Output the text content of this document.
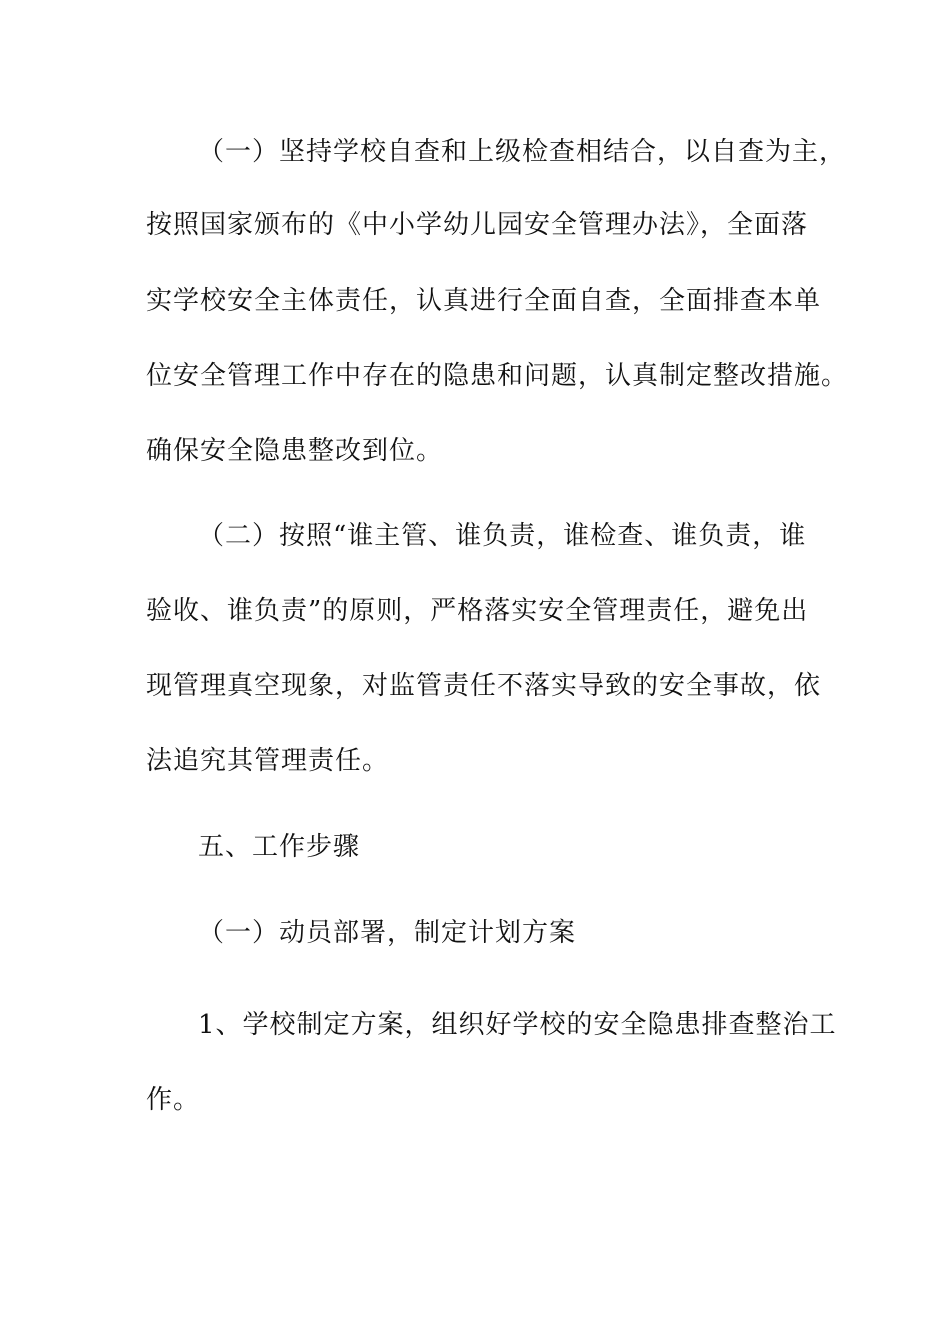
（一）坚持学校自查和上级检查相结合，以自查为主，

按照国家颁布的《中小学幼儿园安全管理办法》，全面落

实学校安全主体责任，认真进行全面自查，全面排查本单

位安全管理工作中存在的隐患和问题，认真制定整改措施。

确保安全隐患整改到位。

（二）按照“谁主管、谁负责，谁检查、谁负责，谁

验收、谁负责”的原则，严格落实安全管理责任，避免出

现管理真空现象，对监管责任不落实导致的安全事故，依

法追究其管理责任。

五、工作步骤

（一）动员部署，制定计划方案

1、学校制定方案，组织好学校的安全隐患排查整治工

作。
